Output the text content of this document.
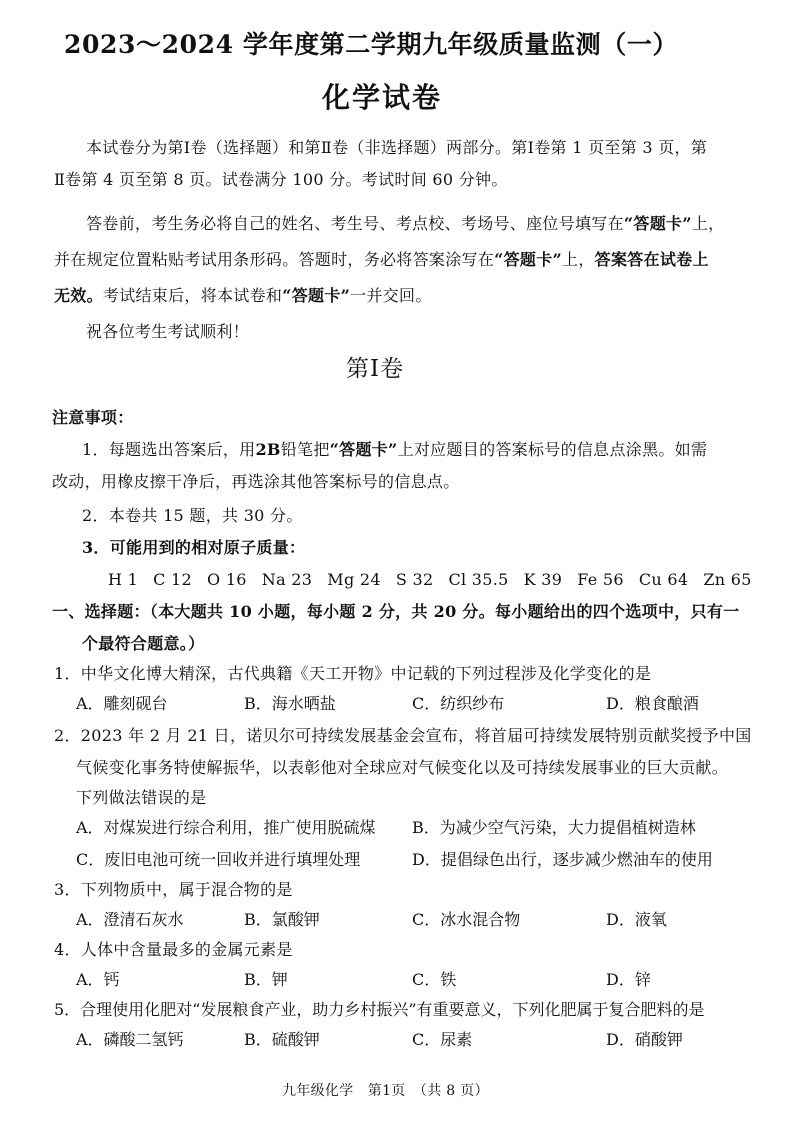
2023～2024 学年度第二学期九年级质量监测（一）
化学试卷
本试卷分为第Ⅰ卷（选择题）和第Ⅱ卷（非选择题）两部分。第Ⅰ卷第 1 页至第 3 页，第
Ⅱ卷第 4 页至第 8 页。试卷满分 100 分。考试时间 60 分钟。
答卷前，考生务必将自己的姓名、考生号、考点校、考场号、座位号填写在“答题卡”上，
并在规定位置粘贴考试用条形码。答题时，务必将答案涂写在“答题卡”上，答案答在试卷上
无效。考试结束后，将本试卷和“答题卡”一并交回。
祝各位考生考试顺利！
第Ⅰ卷
注意事项：
1．每题选出答案后，用2B铅笔把“答题卡”上对应题目的答案标号的信息点涂黑。如需
改动，用橡皮擦干净后，再选涂其他答案标号的信息点。
2．本卷共 15 题，共 30 分。
3．可能用到的相对原子质量：
H 1 C 12 O 16 Na 23 Mg 24 S 32 Cl 35.5 K 39 Fe 56 Cu 64 Zn 65
一、选择题：（本大题共 10 小题，每小题 2 分，共 20 分。每小题给出的四个选项中，只有一
个最符合题意。）
1．中华文化博大精深，古代典籍《天工开物》中记载的下列过程涉及化学变化的是
A．雕刻砚台	B．海水晒盐	C．纺织纱布	D．粮食酿酒
2．2023 年 2 月 21 日，诺贝尔可持续发展基金会宣布，将首届可持续发展特别贡献奖授予中国
气候变化事务特使解振华，以表彰他对全球应对气候变化以及可持续发展事业的巨大贡献。
下列做法错误的是
A．对煤炭进行综合利用，推广使用脱硫煤 B．为减少空气污染，大力提倡植树造林
C．废旧电池可统一回收并进行填埋处理	D．提倡绿色出行，逐步减少燃油车的使用
3．下列物质中，属于混合物的是
A．澄清石灰水	B．氯酸钾	C．冰水混合物	D．液氧
4．人体中含量最多的金属元素是
A．钙	B．钾	C．铁	D．锌
5．合理使用化肥对“发展粮食产业，助力乡村振兴”有重要意义，下列化肥属于复合肥料的是
A．磷酸二氢钙	B．硫酸钾	C．尿素	D．硝酸钾
九年级化学　第1页　（共 8 页）
